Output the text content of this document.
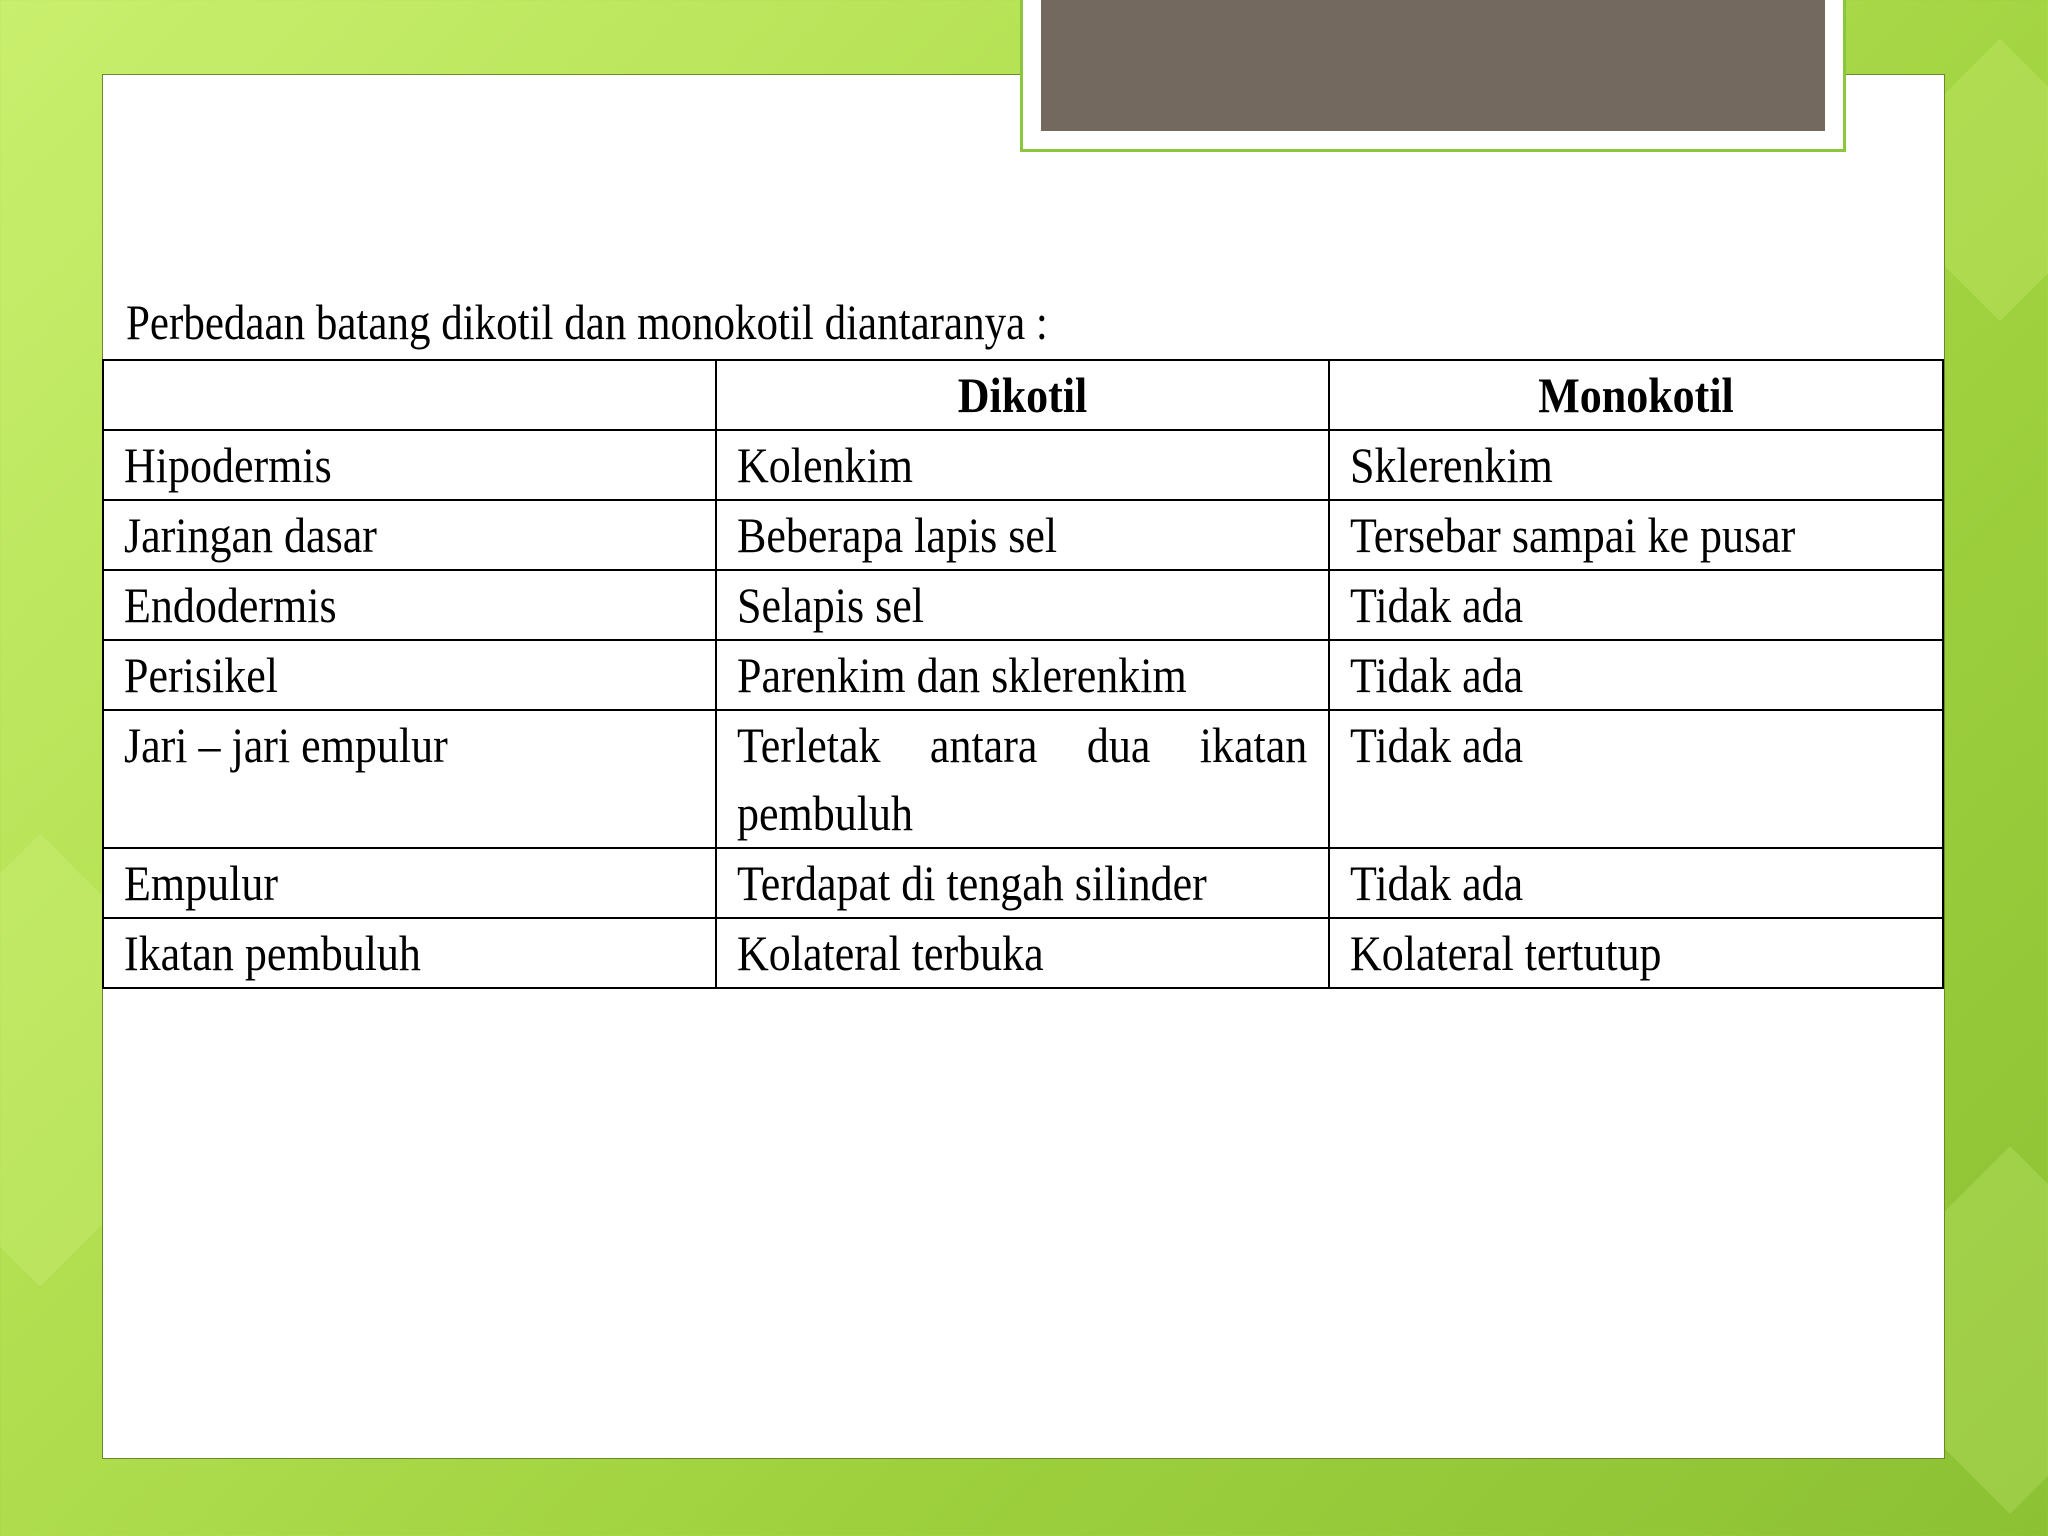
Perbedaan batang dikotil dan monokotil diantaranya :

	Dikotil	Monokotil

Hipodermis	Kolenkim	Sklerenkim

Jaringan dasar	Beberapa lapis sel	Tersebar sampai ke pusar

Endodermis	Selapis sel	Tidak ada

Perisikel	Parenkim dan sklerenkim	Tidak ada

Jari – jari empulur	Terletak antara dua ikatan pembuluh	Tidak ada

Empulur	Terdapat di tengah silinder	Tidak ada

Ikatan pembuluh	Kolateral terbuka	Kolateral tertutup
